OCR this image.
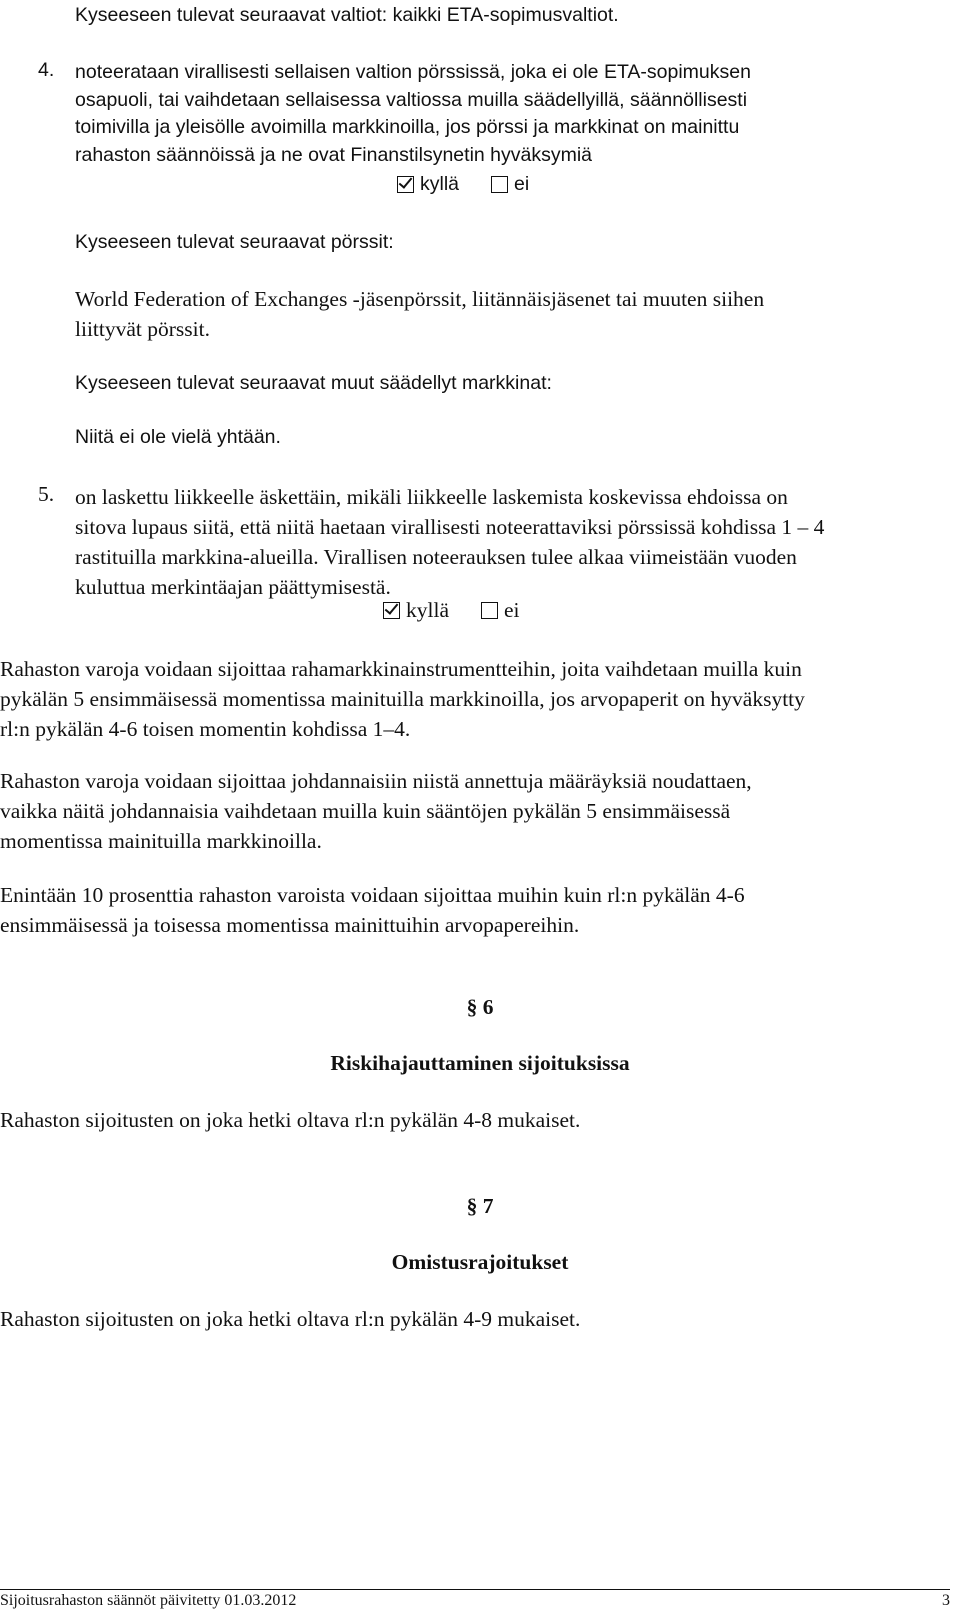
Kyseeseen tulevat seuraavat valtiot: kaikki ETA-sopimusvaltiot.
4. noteerataan virallisesti sellaisen valtion pörssissä, joka ei ole ETA-sopimuksen
osapuoli, tai vaihdetaan sellaisessa valtiossa muilla säädellyillä, säännöllisesti
toimivilla ja yleisölle avoimilla markkinoilla, jos pörssi ja markkinat on mainittu
rahaston säännöissä ja ne ovat Finanstilsynetin hyväksymiä
kyllä	ei
Kyseeseen tulevat seuraavat pörssit:
World Federation of Exchanges -jäsenpörssit, liitännäisjäsenet tai muuten siihen
liittyvät pörssit.
Kyseeseen tulevat seuraavat muut säädellyt markkinat:
Niitä ei ole vielä yhtään.
5. on laskettu liikkeelle äskettäin, mikäli liikkeelle laskemista koskevissa ehdoissa on
sitova lupaus siitä, että niitä haetaan virallisesti noteerattaviksi pörssissä kohdissa 1 – 4
rastituilla markkina-alueilla. Virallisen noteerauksen tulee alkaa viimeistään vuoden
kuluttua merkintäajan päättymisestä.
kyllä	ei
Rahaston varoja voidaan sijoittaa rahamarkkinainstrumentteihin, joita vaihdetaan muilla kuin
pykälän 5 ensimmäisessä momentissa mainituilla markkinoilla, jos arvopaperit on hyväksytty
rl:n pykälän 4-6 toisen momentin kohdissa 1–4.
Rahaston varoja voidaan sijoittaa johdannaisiin niistä annettuja määräyksiä noudattaen,
vaikka näitä johdannaisia vaihdetaan muilla kuin sääntöjen pykälän 5 ensimmäisessä
momentissa mainituilla markkinoilla.
Enintään 10 prosenttia rahaston varoista voidaan sijoittaa muihin kuin rl:n pykälän 4-6
ensimmäisessä ja toisessa momentissa mainittuihin arvopapereihin.
§ 6
Riskihajauttaminen sijoituksissa
Rahaston sijoitusten on joka hetki oltava rl:n pykälän 4-8 mukaiset.
§ 7
Omistusrajoitukset
Rahaston sijoitusten on joka hetki oltava rl:n pykälän 4-9 mukaiset.
Sijoitusrahaston säännöt päivitetty 01.03.2012	3
